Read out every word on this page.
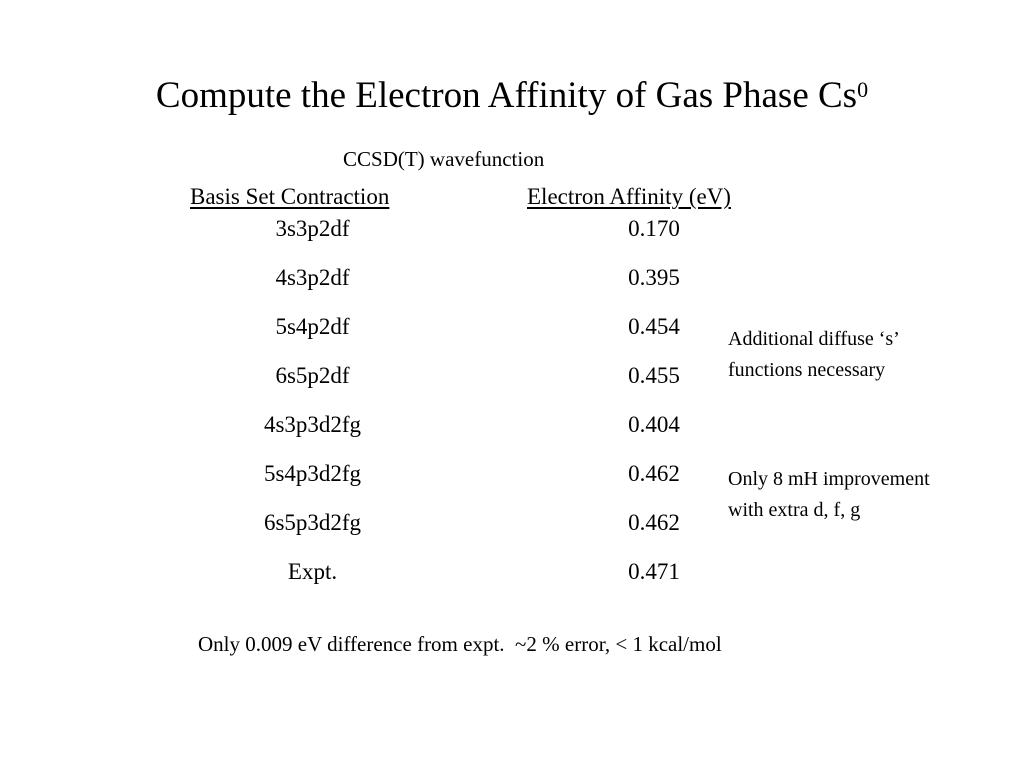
Compute the Electron Affinity of Gas Phase Cs$^0$
CCSD(T) wavefunction
Basis Set Contraction	Electron Affinity (eV)
3s3p2df	0.170
4s3p2df	0.395
5s4p2df	0.454
6s5p2df	0.455
4s3p3d2fg	0.404
5s4p3d2fg	0.462
6s5p3d2fg	0.462
Expt.	0.471
Additional diffuse ‘s’
functions necessary
Only 8 mH improvement
with extra d, f, g
Only 0.009 eV difference from expt.  ~2 % error, < 1 kcal/mol
